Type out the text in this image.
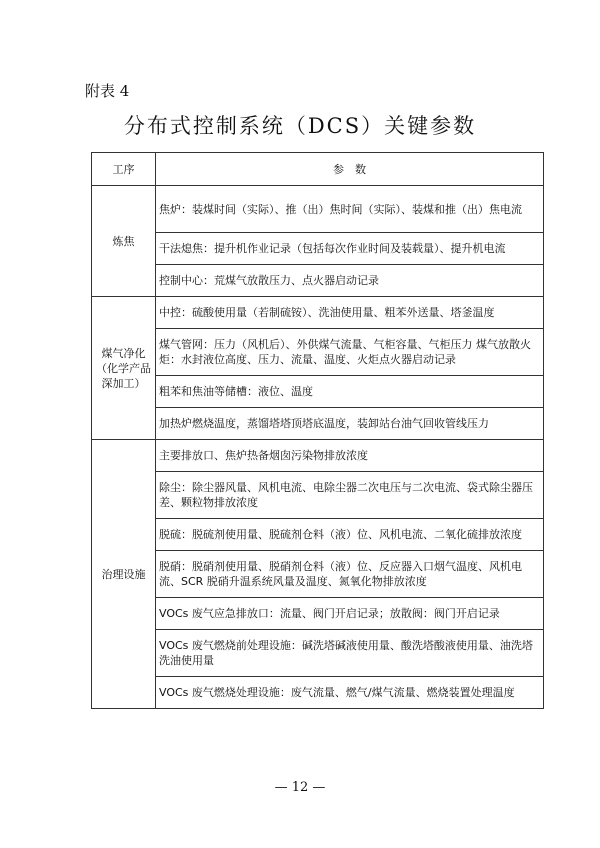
附表 4
分布式控制系统（DCS）关键参数
工序	参　数
炼焦	焦炉：装煤时间（实际）、推（出）焦时间（实际）、装煤和推（出）焦电流
	干法熄焦：提升机作业记录（包括每次作业时间及装载量）、提升机电流
	控制中心：荒煤气放散压力、点火器启动记录
煤气净化（化学产品深加工）	中控：硫酸使用量（若制硫铵）、洗油使用量、粗苯外送量、塔釜温度
	煤气管网：压力（风机后）、外供煤气流量、气柜容量、气柜压力 煤气放散火炬：水封液位高度、压力、流量、温度、火炬点火器启动记录
	粗苯和焦油等储槽：液位、温度
	加热炉燃烧温度，蒸馏塔塔顶塔底温度，装卸站台油气回收管线压力
治理设施	主要排放口、焦炉热备烟囱污染物排放浓度
	除尘：除尘器风量、风机电流、电除尘器二次电压与二次电流、袋式除尘器压差、颗粒物排放浓度
	脱硫：脱硫剂使用量、脱硫剂仓料（液）位、风机电流、二氧化硫排放浓度
	脱硝：脱硝剂使用量、脱硝剂仓料（液）位、反应器入口烟气温度、风机电流、SCR 脱硝升温系统风量及温度、氮氧化物排放浓度
	VOCs 废气应急排放口：流量、阀门开启记录；放散阀：阀门开启记录
	VOCs 废气燃烧前处理设施：碱洗塔碱液使用量、酸洗塔酸液使用量、油洗塔洗油使用量
	VOCs 废气燃烧处理设施：废气流量、燃气/煤气流量、燃烧装置处理温度
— 12 —
